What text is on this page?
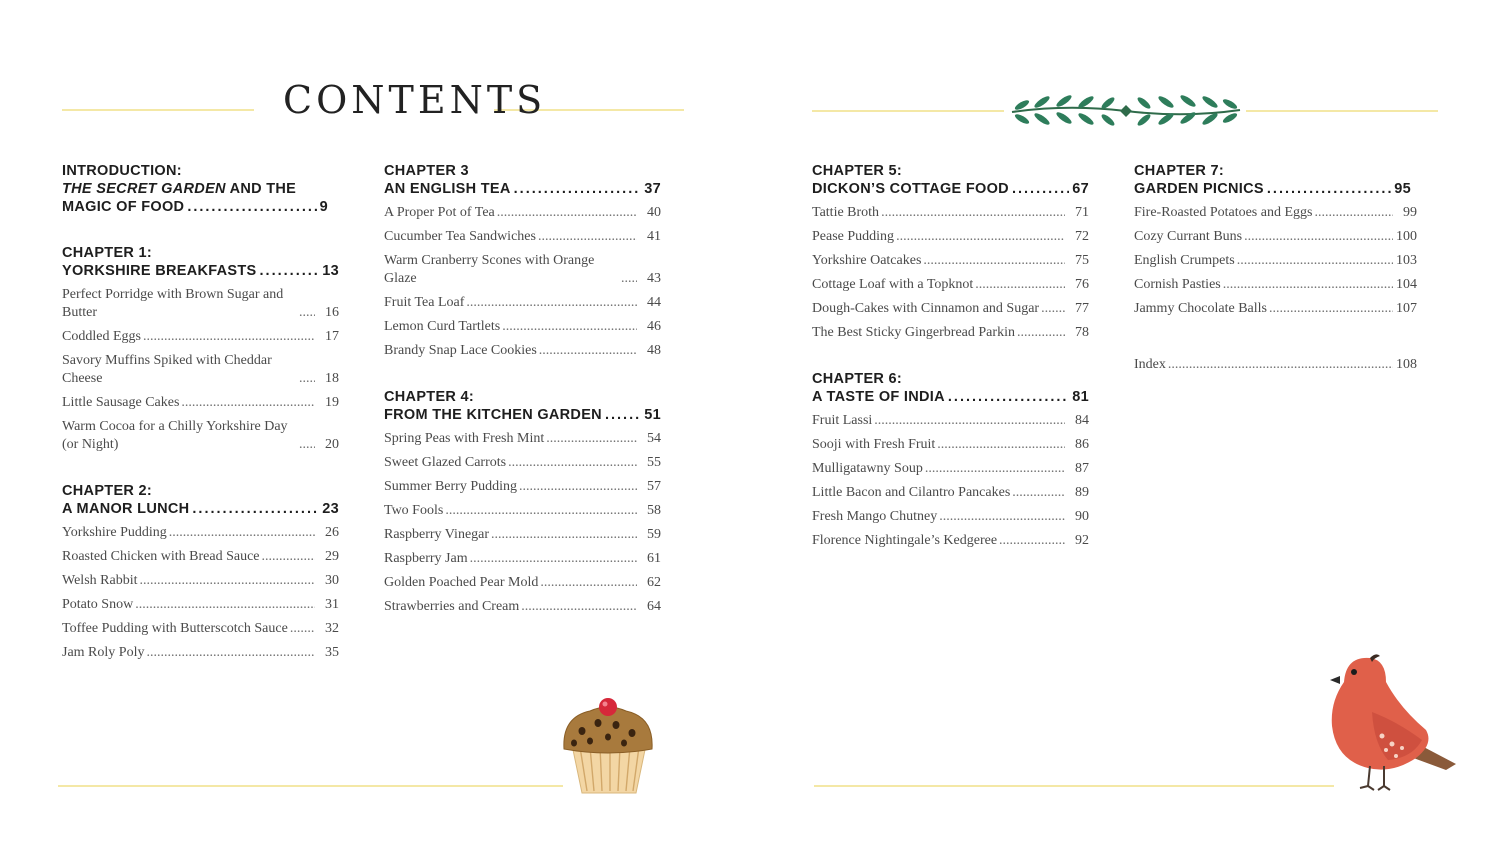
CONTENTS
INTRODUCTION:
THE SECRET GARDEN AND THE
MAGIC OF FOOD .....	9
CHAPTER 1:
YORKSHIRE BREAKFASTS .....	13
Perfect Porridge with Brown Sugar and Butter .....	16
Coddled Eggs .....	17
Savory Muffins Spiked with Cheddar Cheese .....	18
Little Sausage Cakes .....	19
Warm Cocoa for a Chilly Yorkshire Day (or Night) .....	20
CHAPTER 2:
A MANOR LUNCH .....	23
Yorkshire Pudding .....	26
Roasted Chicken with Bread Sauce .....	29
Welsh Rabbit .....	30
Potato Snow .....	31
Toffee Pudding with Butterscotch Sauce .....	32
Jam Roly Poly .....	35
CHAPTER 3
AN ENGLISH TEA .....	37
A Proper Pot of Tea .....	40
Cucumber Tea Sandwiches .....	41
Warm Cranberry Scones with Orange Glaze .....	43
Fruit Tea Loaf .....	44
Lemon Curd Tartlets .....	46
Brandy Snap Lace Cookies .....	48
CHAPTER 4:
FROM THE KITCHEN GARDEN .....	51
Spring Peas with Fresh Mint .....	54
Sweet Glazed Carrots .....	55
Summer Berry Pudding .....	57
Two Fools .....	58
Raspberry Vinegar .....	59
Raspberry Jam .....	61
Golden Poached Pear Mold .....	62
Strawberries and Cream .....	64
CHAPTER 5:
DICKON’S COTTAGE FOOD .....	67
Tattie Broth .....	71
Pease Pudding .....	72
Yorkshire Oatcakes .....	75
Cottage Loaf with a Topknot .....	76
Dough-Cakes with Cinnamon and Sugar .....	77
The Best Sticky Gingerbread Parkin .....	78
CHAPTER 6:
A TASTE OF INDIA .....	81
Fruit Lassi .....	84
Sooji with Fresh Fruit .....	86
Mulligatawny Soup .....	87
Little Bacon and Cilantro Pancakes .....	89
Fresh Mango Chutney .....	90
Florence Nightingale’s Kedgeree .....	92
CHAPTER 7:
GARDEN PICNICS .....	95
Fire-Roasted Potatoes and Eggs .....	99
Cozy Currant Buns .....	100
English Crumpets .....	103
Cornish Pasties .....	104
Jammy Chocolate Balls .....	107
Index .....	108
